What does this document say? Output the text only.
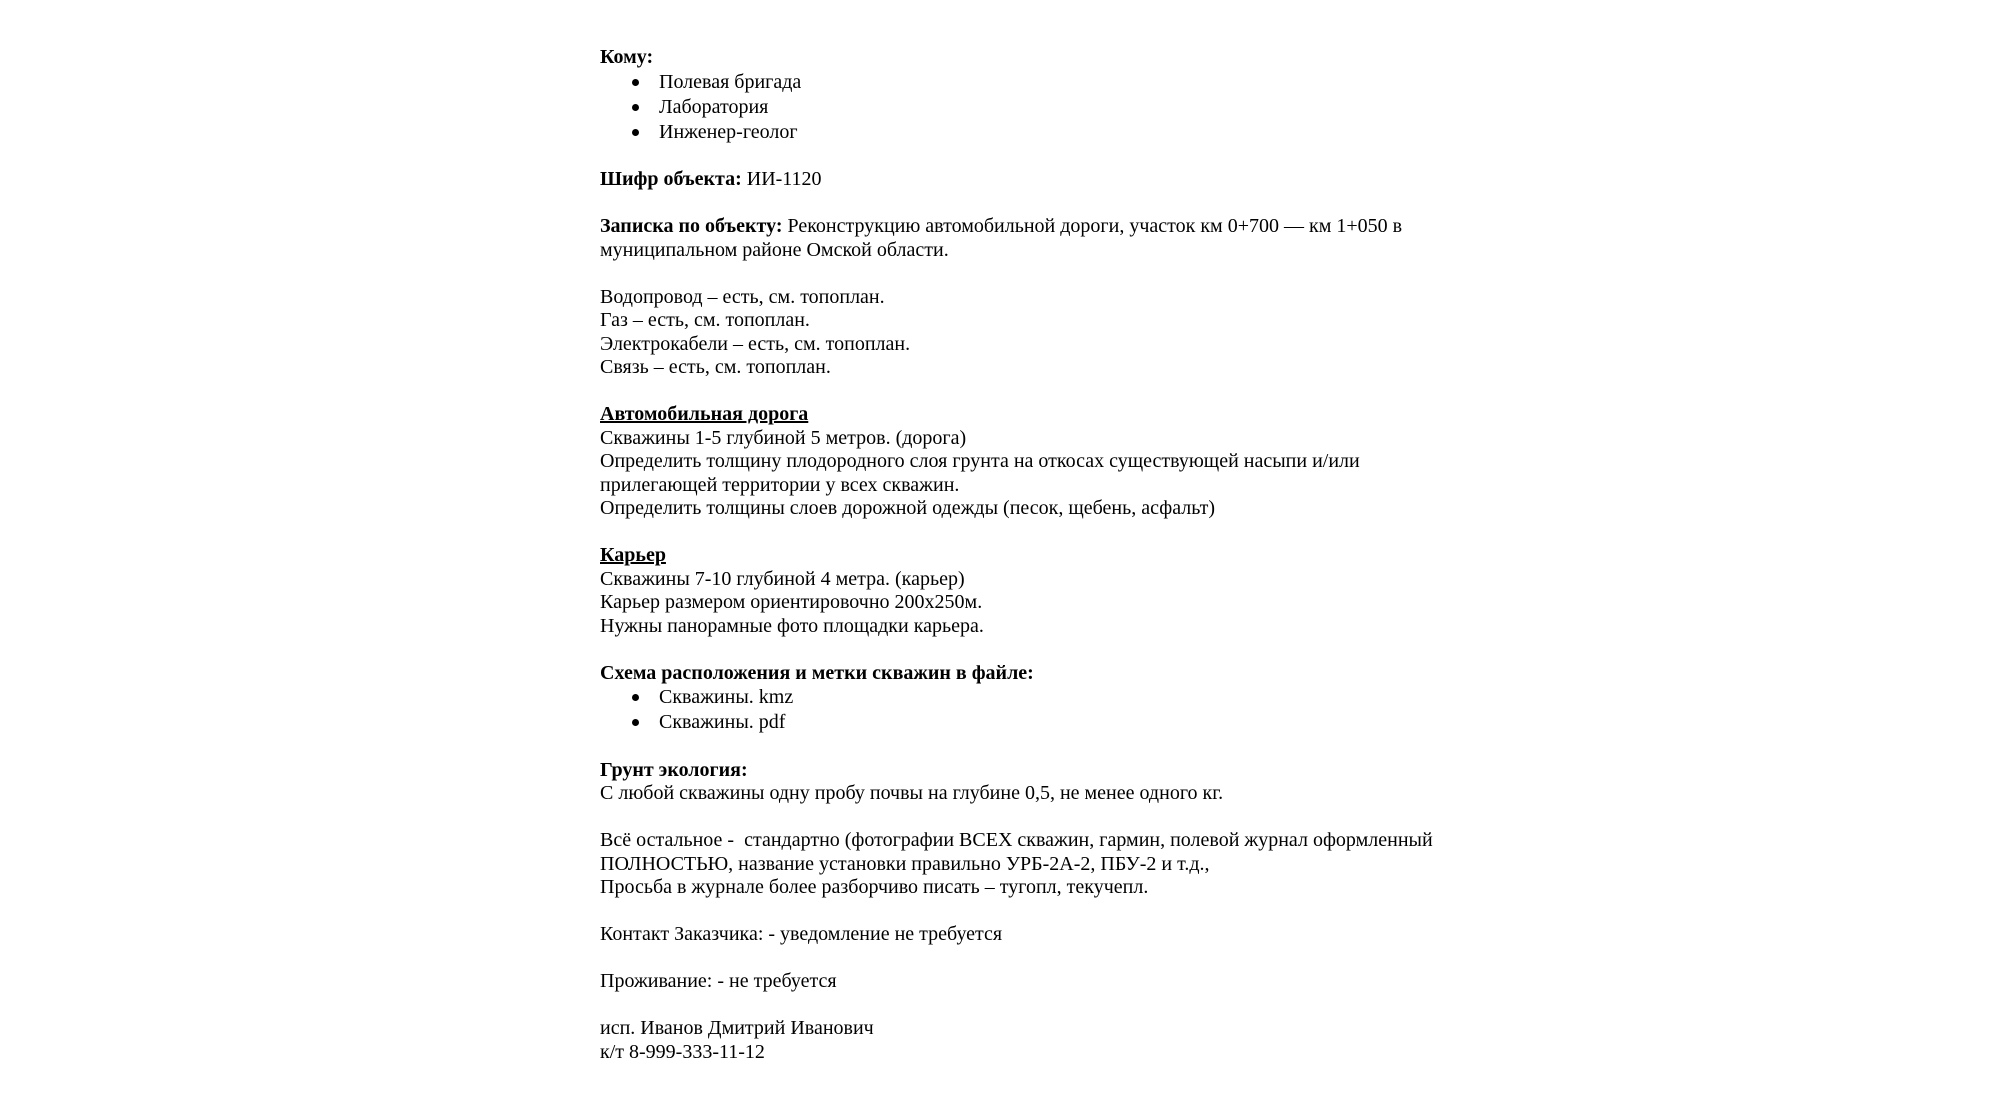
Кому:

Полевая бригада
Лаборатория
Инженер-геолог

Шифр объекта: ИИ-1120

Записка по объекту: Реконструкцию автомобильной дороги, участок км 0+700 — км 1+050 в

муниципальном районе Омской области.

Водопровод – есть, см. топоплан.

Газ – есть, см. топоплан.

Электрокабели – есть, см. топоплан.

Связь – есть, см. топоплан.

Автомобильная дорога

Скважины 1-5 глубиной 5 метров. (дорога)

Определить толщину плодородного слоя грунта на откосах существующей насыпи и/или

прилегающей территории у всех скважин.

Определить толщины слоев дорожной одежды (песок, щебень, асфальт)

Карьер

Скважины 7-10 глубиной 4 метра. (карьер)

Карьер размером ориентировочно 200х250м.

Нужны панорамные фото площадки карьера.

Схема расположения и метки скважин в файле:

Скважины. kmz
Скважины. pdf

Грунт экология:

С любой скважины одну пробу почвы на глубине 0,5, не менее одного кг.

Всё остальное -  стандартно (фотографии ВСЕХ скважин, гармин, полевой журнал оформленный

ПОЛНОСТЬЮ, название установки правильно УРБ-2А-2, ПБУ-2 и т.д.,

Просьба в журнале более разборчиво писать – тугопл, текучепл.

Контакт Заказчика: - уведомление не требуется

Проживание: - не требуется

исп. Иванов Дмитрий Иванович

к/т 8-999-333-11-12
